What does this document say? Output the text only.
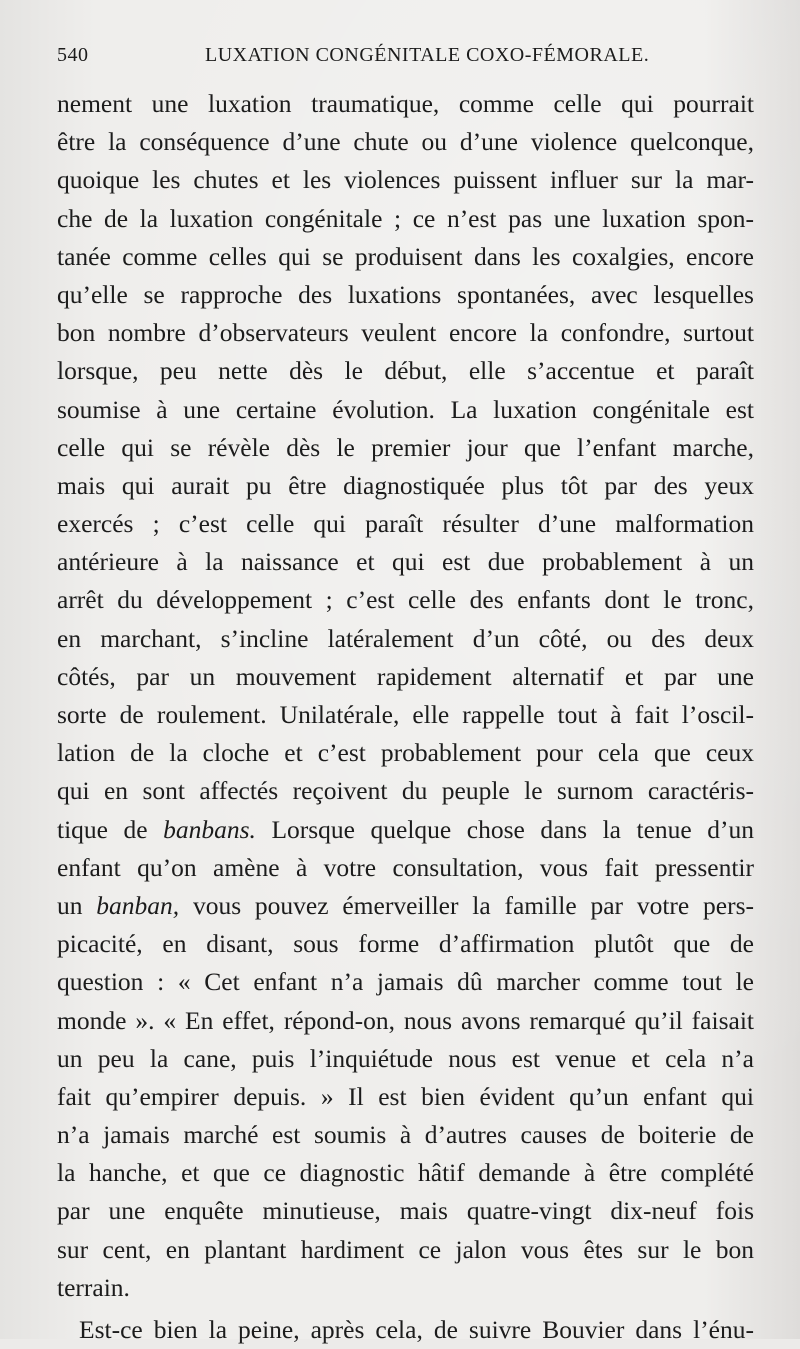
540	LUXATION CONGÉNITALE COXO-FÉMORALE.
nement une luxation traumatique, comme celle qui pourrait
être la conséquence d’une chute ou d’une violence quelconque,
quoique les chutes et les violences puissent influer sur la mar-
che de la luxation congénitale ; ce n’est pas une luxation spon-
tanée comme celles qui se produisent dans les coxalgies, encore
qu’elle se rapproche des luxations spontanées, avec lesquelles
bon nombre d’observateurs veulent encore la confondre, surtout
lorsque, peu nette dès le début, elle s’accentue et paraît
soumise à une certaine évolution. La luxation congénitale est
celle qui se révèle dès le premier jour que l’enfant marche,
mais qui aurait pu être diagnostiquée plus tôt par des yeux
exercés ; c’est celle qui paraît résulter d’une malformation
antérieure à la naissance et qui est due probablement à un
arrêt du développement ; c’est celle des enfants dont le tronc,
en marchant, s’incline latéralement d’un côté, ou des deux
côtés, par un mouvement rapidement alternatif et par une
sorte de roulement. Unilatérale, elle rappelle tout à fait l’oscil-
lation de la cloche et c’est probablement pour cela que ceux
qui en sont affectés reçoivent du peuple le surnom caractéris-
tique de banbans. Lorsque quelque chose dans la tenue d’un
enfant qu’on amène à votre consultation, vous fait pressentir
un banban, vous pouvez émerveiller la famille par votre pers-
picacité, en disant, sous forme d’affirmation plutôt que de
question : « Cet enfant n’a jamais dû marcher comme tout le
monde ». « En effet, répond-on, nous avons remarqué qu’il faisait
un peu la cane, puis l’inquiétude nous est venue et cela n’a
fait qu’empirer depuis. » Il est bien évident qu’un enfant qui
n’a jamais marché est soumis à d’autres causes de boiterie de
la hanche, et que ce diagnostic hâtif demande à être complété
par une enquête minutieuse, mais quatre-vingt dix-neuf fois
sur cent, en plantant hardiment ce jalon vous êtes sur le bon
terrain.
Est-ce bien la peine, après cela, de suivre Bouvier dans l’énu-
